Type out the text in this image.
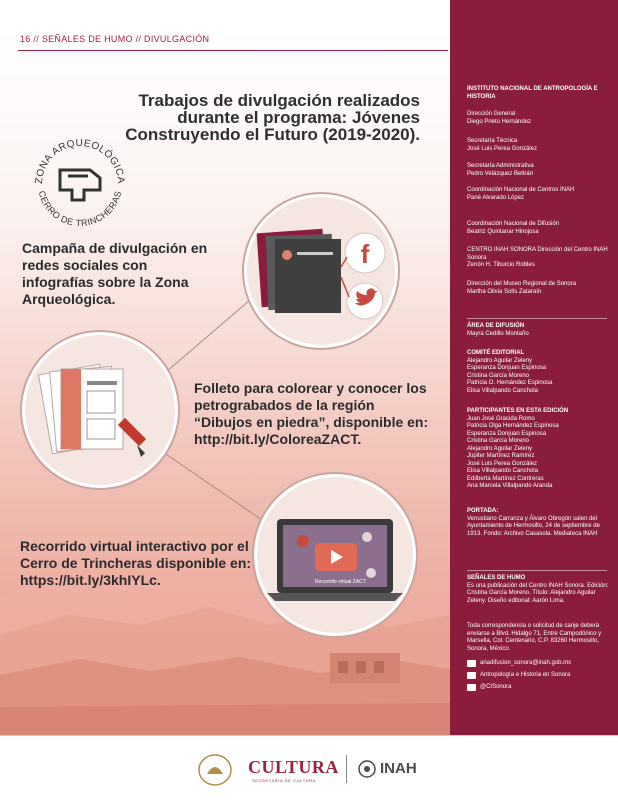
16 // SEÑALES DE HUMO // DIVULGACIÓN
Trabajos de divulgación realizados durante el programa: Jóvenes Construyendo el Futuro (2019-2020).
ZONA ARQUEOLÓGICA
CERRO DE TRINCHERAS
f
Recorrido virtual ZACT
Campaña de divulgación en redes sociales con infografías sobre la Zona Arqueológica.
Folleto para colorear y conocer los petrograbados de la región “Dibujos en piedra”, disponible en: http://bit.ly/ColoreaZACT.
Recorrido virtual interactivo por el Cerro de Trincheras disponible en: https://bit.ly/3khIYLc.
INSTITUTO NACIONAL DE ANTROPOLOGÍA E HISTORIA
Dirección General
Diego Prieto Hernández
Secretaría Técnica
José Luis Perea González
Secretaría Administrativa
Pedro Velázquez Beltrán
Coordinación Nacional de Centros INAH
Pané Alvarado López
Coordinación Nacional de Difusión
Beatriz Quintanar Hinojosa
CENTRO INAH SONORA Dirección del Centro INAH Sonora
Zenón H. Tiburcio Robles
Dirección del Museo Regional de Sonora
Martha Olivia Solís Zataraín
ÁREA DE DIFUSIÓN
Mayra Cedillo Montaño
COMITÉ EDITORIAL
Alejandro Aguilar Zeleny
Esperanza Donjuan Espinosa
Cristina García Moreno
Patricia O. Hernández Espinosa
Elisa Villalpando Canchola
PARTICIPANTES EN ESTA EDICIÓN
Juan José Gracida Romo
Patricia Olga Hernández Espinosa
Esperanza Donjuan Espinosa
Cristina García Moreno
Alejandro Aguilar Zeleny
Júpiter Martínez Ramírez
José Luis Perea González
Elisa Villalpando Canchola
Edilberta Martínez Contreras
Ana Marcela Villalpando Aranda
PORTADA:
Venustiano Carranza y Álvaro Obregón salen del Ayuntamiento de Hermosillo, 24 de septiembre de 1913. Fondo: Archivo Casasola. Mediateca INAH
SEÑALES DE HUMO
Es una publicación del Centro INAH Sonora. Edición: Cristina García Moreno. Título: Alejandro Aguilar Zeleny. Diseño editorial: Aarón Lima.
Toda correspondencia o solicitud de canje deberá enviarse a Blvd. Hidalgo 71, Entre Campodónico y Marsella, Col. Centenario, C.P. 83260 Hermosillo, Sonora, México.
anadifusion_sonora@inah.gob.mx
Antropología e Historia en Sonora
@CISonora
CULTURA
SECRETARÍA DE CULTURA
INAH
